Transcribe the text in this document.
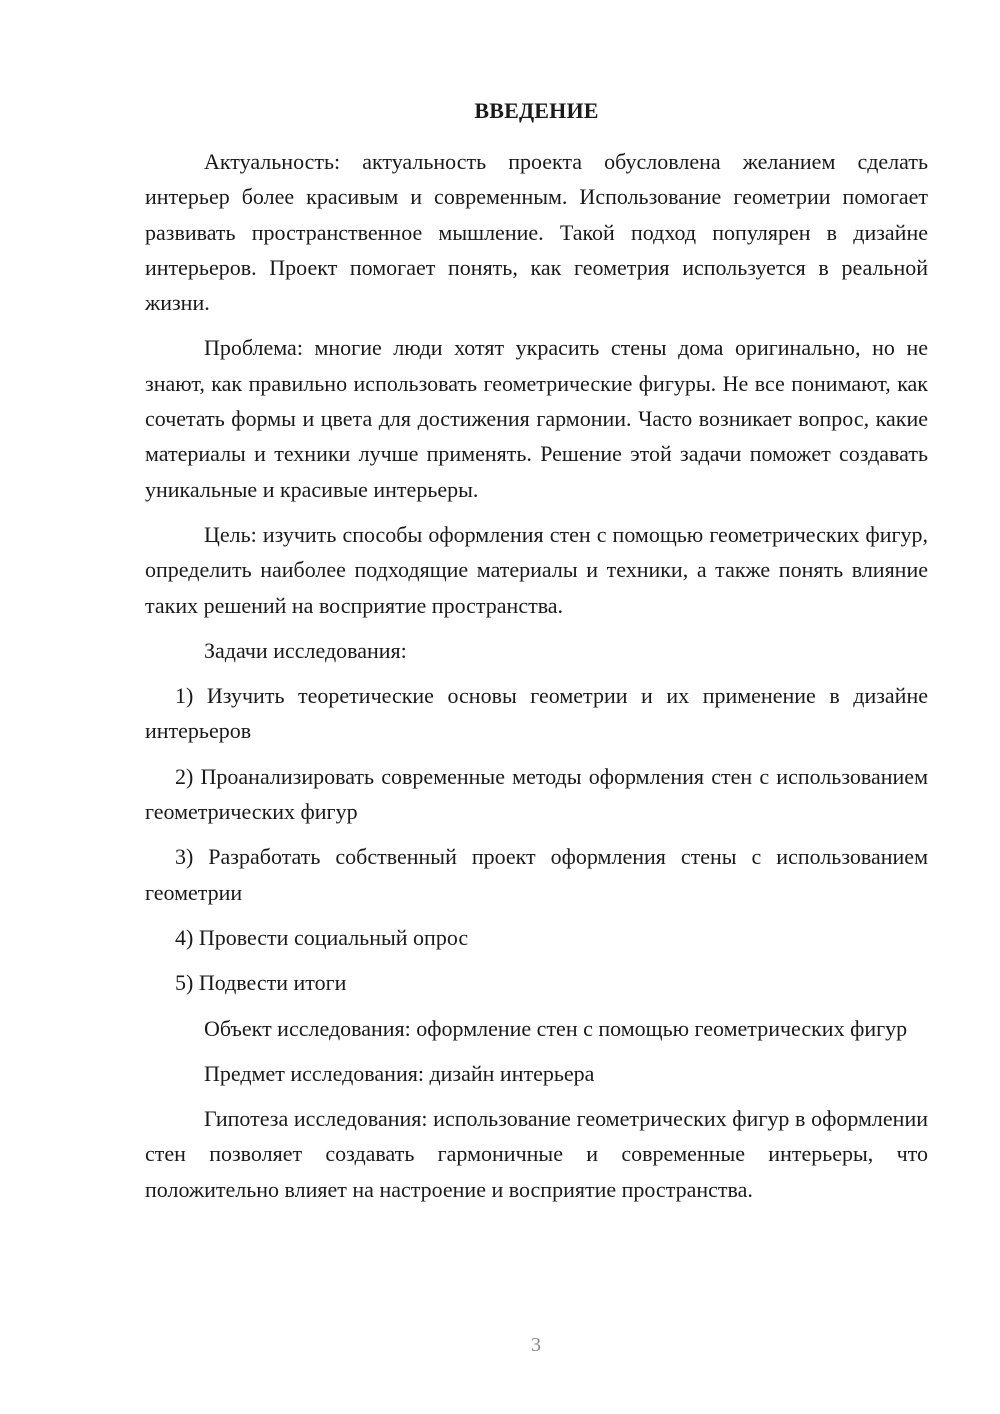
ВВЕДЕНИЕ

Актуальность: актуальность проекта обусловлена желанием сделать интерьер более красивым и современным. Использование геометрии помогает развивать пространственное мышление. Такой подход популярен в дизайне интерьеров. Проект помогает понять, как геометрия используется в реальной жизни.

Проблема: многие люди хотят украсить стены дома оригинально, но не знают, как правильно использовать геометрические фигуры. Не все понимают, как сочетать формы и цвета для достижения гармонии. Часто возникает вопрос, какие материалы и техники лучше применять. Решение этой задачи поможет создавать уникальные и красивые интерьеры.

Цель: изучить способы оформления стен с помощью геометрических фигур, определить наиболее подходящие материалы и техники, а также понять влияние таких решений на восприятие пространства.

Задачи исследования:

1) Изучить теоретические основы геометрии и их применение в дизайне интерьеров

2) Проанализировать современные методы оформления стен с использованием геометрических фигур

3) Разработать собственный проект оформления стены с использованием геометрии

4) Провести социальный опрос

5) Подвести итоги

Объект исследования: оформление стен с помощью геометрических фигур

Предмет исследования: дизайн интерьера

Гипотеза исследования: использование геометрических фигур в оформлении стен позволяет создавать гармоничные и современные интерьеры, что положительно влияет на настроение и восприятие пространства.

3
